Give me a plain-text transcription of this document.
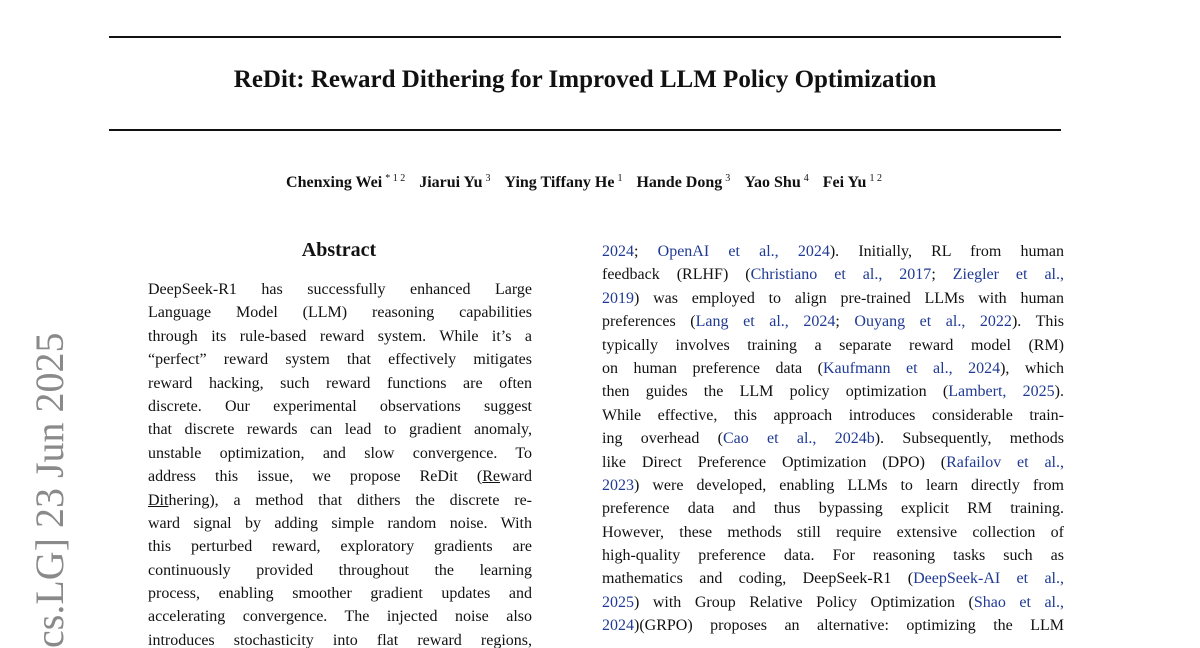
ReDit: Reward Dithering for Improved LLM Policy Optimization
Chenxing Wei $^{* 1 2}$ Jiarui Yu $^3$ Ying Tiffany He $^1$ Hande Dong $^3$ Yao Shu $^4$ Fei Yu $^{1 2}$
cs.LG] 23 Jun 2025
Abstract
DeepSeek-R1 has successfully enhanced Large
Language Model (LLM) reasoning capabilities
through its rule-based reward system. While it’s a
“perfect” reward system that effectively mitigates
reward hacking, such reward functions are often
discrete. Our experimental observations suggest
that discrete rewards can lead to gradient anomaly,
unstable optimization, and slow convergence. To
address this issue, we propose ReDit (Reward
Dithering), a method that dithers the discrete re-
ward signal by adding simple random noise. With
this perturbed reward, exploratory gradients are
continuously provided throughout the learning
process, enabling smoother gradient updates and
accelerating convergence. The injected noise also
introduces stochasticity into flat reward regions,
2024; OpenAI et al., 2024). Initially, RL from human
feedback (RLHF) (Christiano et al., 2017; Ziegler et al.,
2019) was employed to align pre-trained LLMs with human
preferences (Lang et al., 2024; Ouyang et al., 2022). This
typically involves training a separate reward model (RM)
on human preference data (Kaufmann et al., 2024), which
then guides the LLM policy optimization (Lambert, 2025).
While effective, this approach introduces considerable train-
ing overhead (Cao et al., 2024b). Subsequently, methods
like Direct Preference Optimization (DPO) (Rafailov et al.,
2023) were developed, enabling LLMs to learn directly from
preference data and thus bypassing explicit RM training.
However, these methods still require extensive collection of
high-quality preference data. For reasoning tasks such as
mathematics and coding, DeepSeek-R1 (DeepSeek-AI et al.,
2025) with Group Relative Policy Optimization (Shao et al.,
2024)(GRPO) proposes an alternative: optimizing the LLM
